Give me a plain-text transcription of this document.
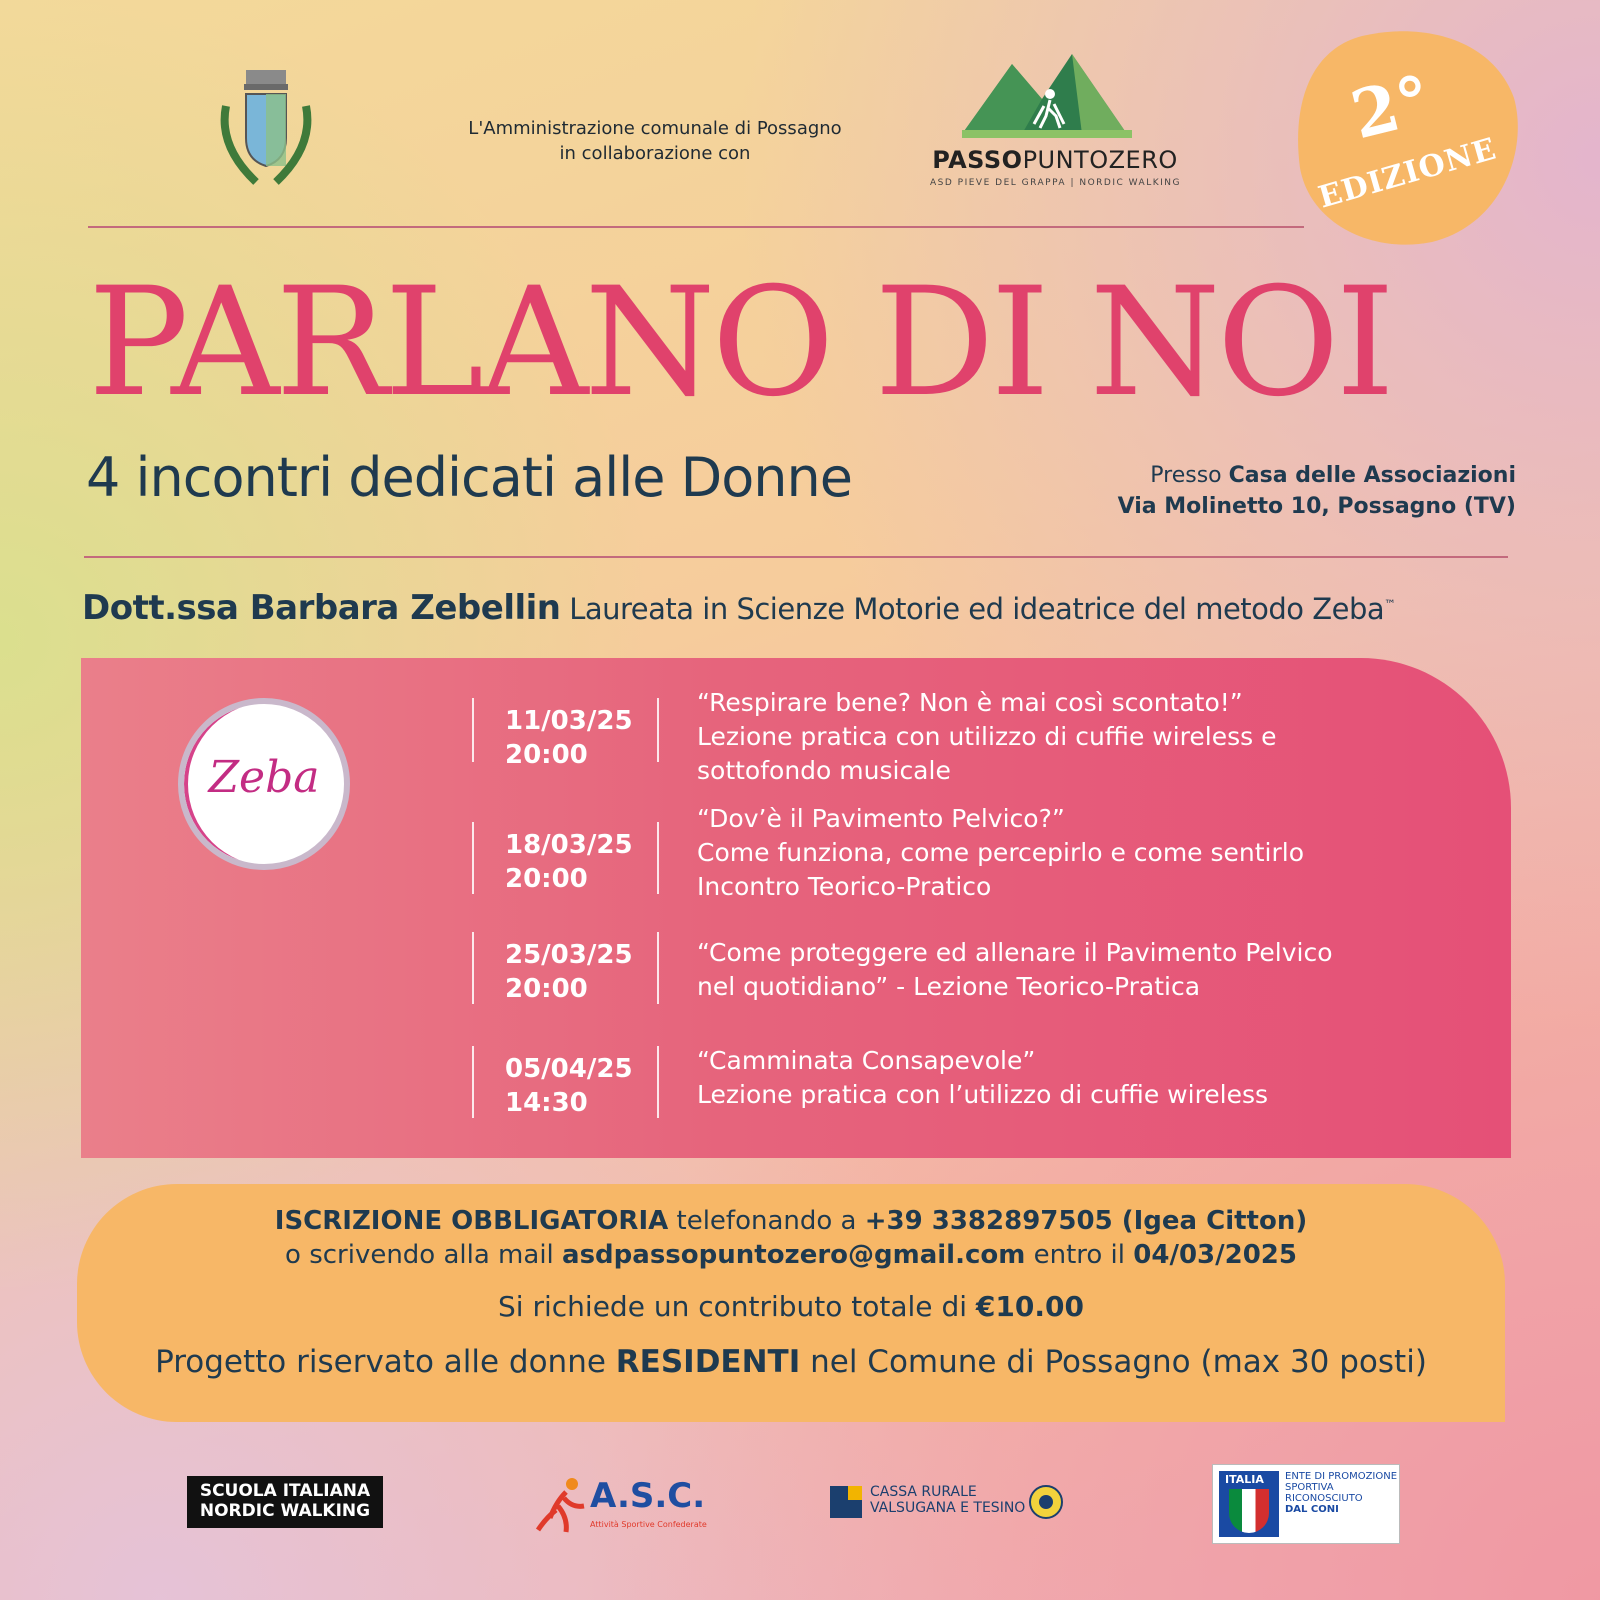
L'Amministrazione comunale di Possagno
in collaborazione con	PASSOPUNTOZERO
ASD PIEVE DEL GRAPPA | NORDIC WALKING
2°
EDIZIONE
PARLANO DI NOI
4 incontri dedicati alle Donne	Presso Casa delle Associazioni
Via Molinetto 10, Possagno (TV)
Dott.ssa Barbara Zebellin Laureata in Scienze Motorie ed ideatrice del metodo Zeba™
Zeba
11/03/25
20:00
“Respirare bene? Non è mai così scontato!”
Lezione pratica con utilizzo di cuffie wireless e
sottofondo musicale
18/03/25
20:00
“Dov’è il Pavimento Pelvico?”
Come funziona, come percepirlo e come sentirlo
Incontro Teorico-Pratico
25/03/25
20:00
“Come proteggere ed allenare il Pavimento Pelvico
nel quotidiano” - Lezione Teorico-Pratica
05/04/25
14:30
“Camminata Consapevole”
Lezione pratica con l’utilizzo di cuffie wireless
ISCRIZIONE OBBLIGATORIA telefonando a +39 3382897505 (Igea Citton)
o scrivendo alla mail asdpassopuntozero@gmail.com entro il 04/03/2025
Si richiede un contributo totale di €10.00
Progetto riservato alle donne RESIDENTI nel Comune di Possagno (max 30 posti)
SCUOLA ITALIANA
NORDIC WALKING	A.S.C.
Attività Sportive Confederate
CASSA RURALE
VALSUGANA E TESINO
ITALIA ENTE DI PROMOZIONE
SPORTIVA
RICONOSCIUTO
DAL CONI
